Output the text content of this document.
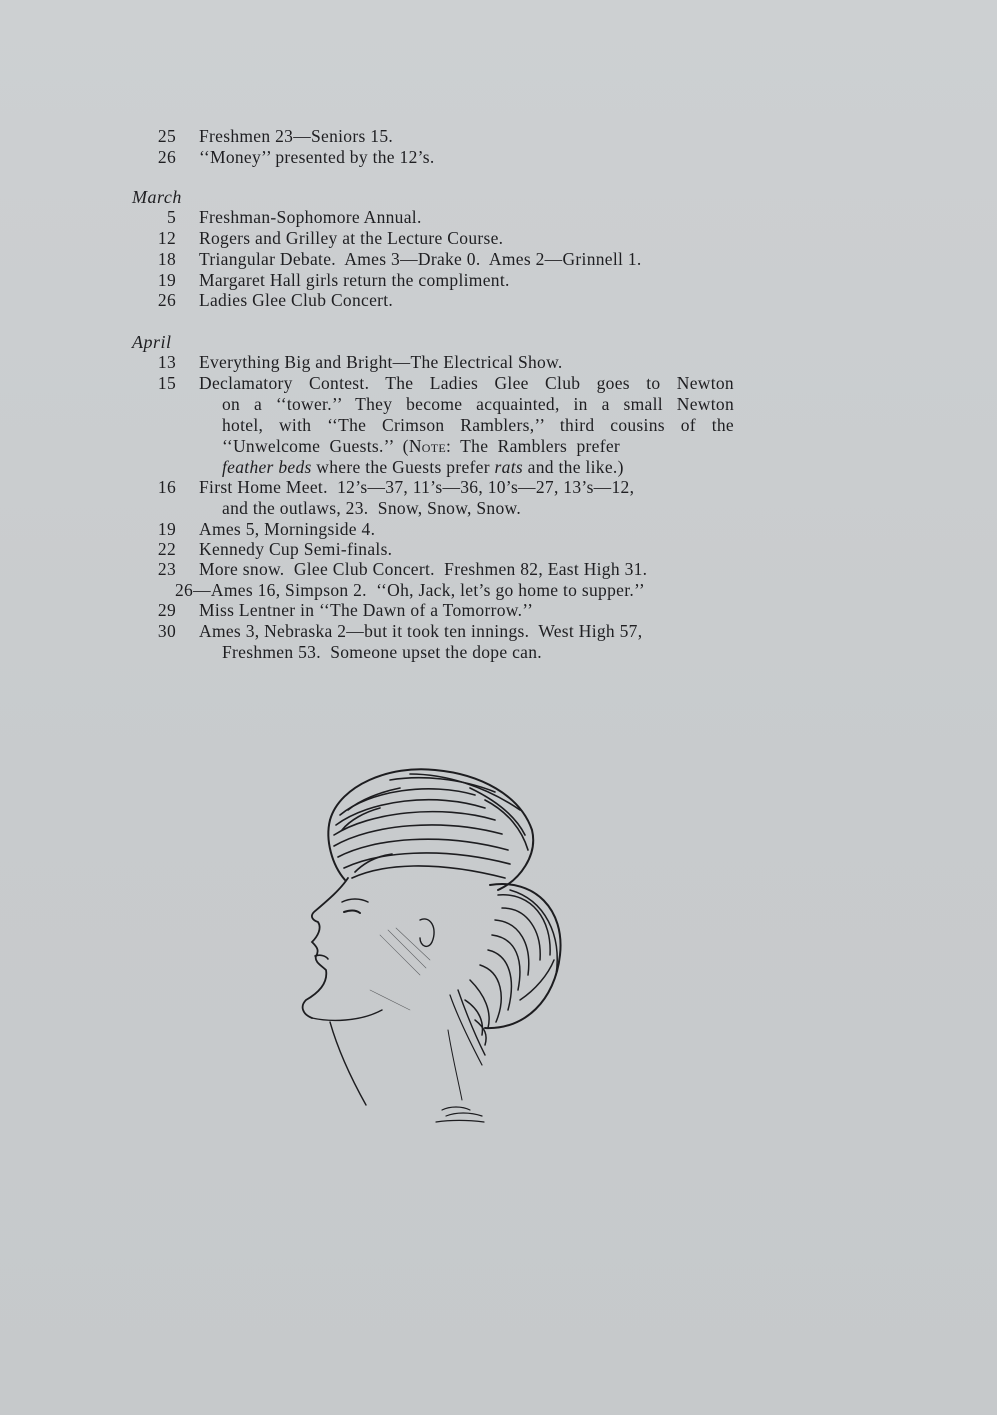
25 Freshmen 23—Seniors 15.
26 ‘‘Money’’ presented by the 12’s.
March
5 Freshman-Sophomore Annual.
12 Rogers and Grilley at the Lecture Course.
18 Triangular Debate.  Ames 3—Drake 0.  Ames 2—Grinnell 1.
19 Margaret Hall girls return the compliment.
26 Ladies Glee Club Concert.
April
13 Everything Big and Bright—The Electrical Show.
15 Declamatory Contest. The Ladies Glee Club goes to Newton
on a ‘‘tower.’’ They become acquainted, in a small Newton
hotel, with ‘‘The Crimson Ramblers,’’ third cousins of the
‘‘Unwelcome  Guests.’’  (Note:  The  Ramblers  prefer
feather beds where the Guests prefer rats and the like.)
16 First Home Meet.  12’s—37, 11’s—36, 10’s—27, 13’s—12,
and the outlaws, 23.  Snow, Snow, Snow.
19 Ames 5, Morningside 4.
22 Kennedy Cup Semi-finals.
23 More snow.  Glee Club Concert.  Freshmen 82, East High 31.
26—Ames 16, Simpson 2.  ‘‘Oh, Jack, let’s go home to supper.’’
29 Miss Lentner in ‘‘The Dawn of a Tomorrow.’’
30 Ames 3, Nebraska 2—but it took ten innings.  West High 57,
Freshmen 53.  Someone upset the dope can.
